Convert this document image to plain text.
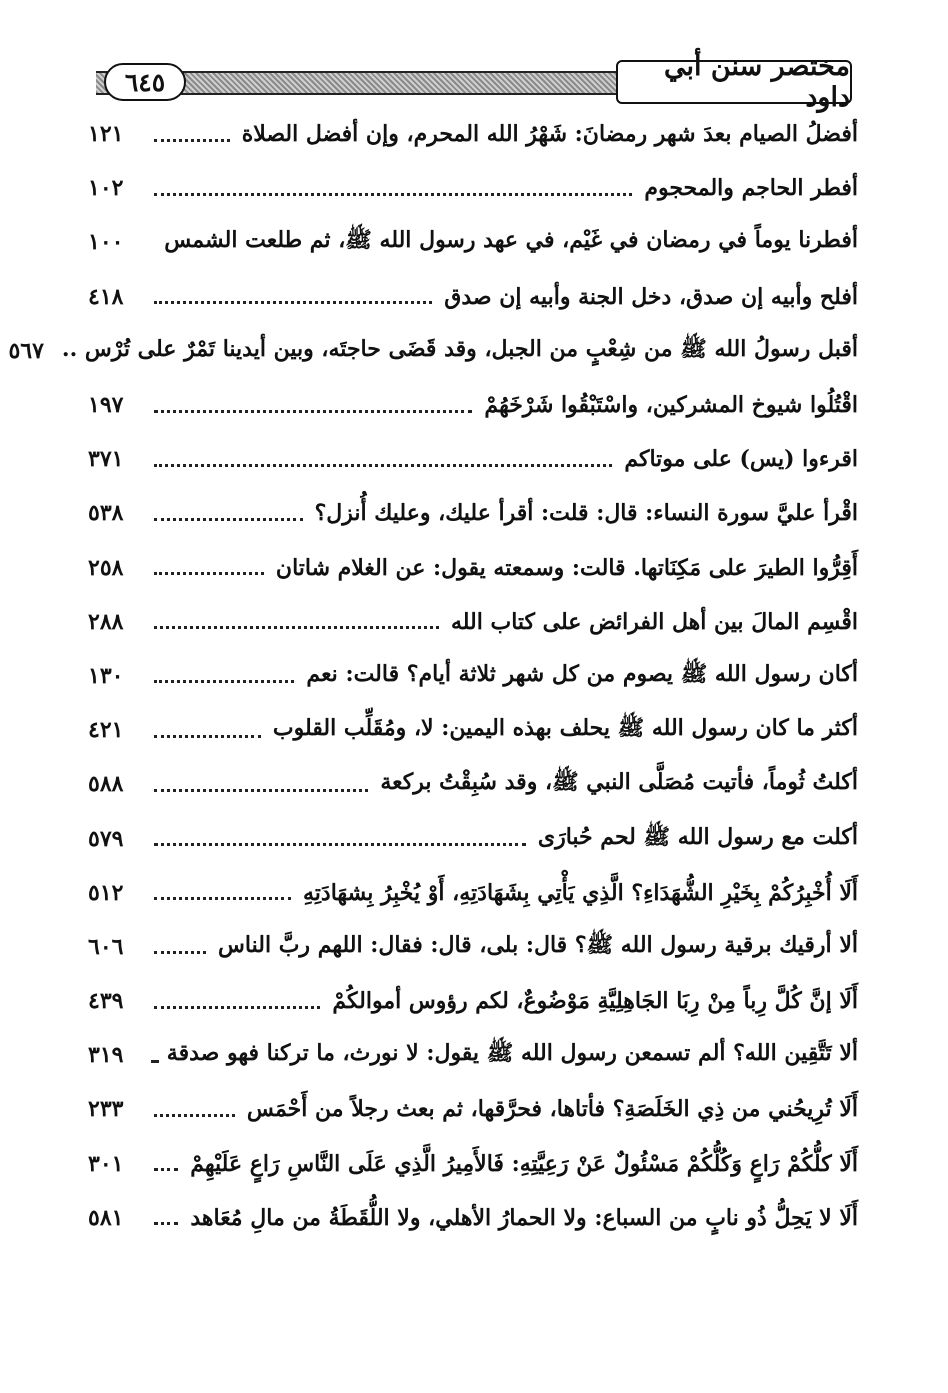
٦٤٥	مختصر سنن أبي داود
أفضلُ الصيام بعدَ شهر رمضانَ: شَهْرُ الله المحرم، وإن أفضل الصلاة
١٢١
أفطر الحاجم والمحجوم
١٠٢
أفطرنا يوماً في رمضان في غَيْم، في عهد رسول الله ﷺ، ثم طلعت الشمس
١٠٠
أفلح وأبيه إن صدق، دخل الجنة وأبيه إن صدق
٤١٨
أقبل رسولُ الله ﷺ من شِعْبٍ من الجبل، وقد قَضَى حاجتَه، وبين أيدينا تَمْرٌ على تُرْس ..
٥٦٧
اقْتُلُوا شيوخ المشركين، واسْتَبْقُوا شَرْخَهُمْ
١٩٧
اقرءوا (يس) على موتاكم
٣٧١
اقْرأ عليَّ سورة النساء: قال: قلت: أقرأ عليك، وعليك أُنزل؟
٥٣٨
أَقِرُّوا الطيرَ على مَكِنَاتها. قالت: وسمعته يقول: عن الغلام شاتان
٢٥٨
اقْسِم المالَ بين أهل الفرائض على كتاب الله
٢٨٨
أكان رسول الله ﷺ يصوم من كل شهر ثلاثة أيام؟ قالت: نعم
١٣٠
أكثر ما كان رسول الله ﷺ يحلف بهذه اليمين: لا، ومُقَلِّب القلوب
٤٢١
أكلتُ ثُوماً، فأتيت مُصَلَّى النبي ﷺ، وقد سُبِقْتُ بركعة
٥٨٨
أكلت مع رسول الله ﷺ لحم حُبارَى
٥٧٩
أَلَا أُخْبِرُكُمْ بِخَيْرِ الشُّهَدَاءِ؟ الَّذِي يَأْتِي بِشَهَادَتِهِ، أَوْ يُخْبِرُ بِشهَادَتِهِ
٥١٢
ألا أرقيك برقية رسول الله ﷺ؟ قال: بلى، قال: فقال: اللهم ربَّ الناس
٦٠٦
أَلَا إنَّ كُلَّ رِباً مِنْ رِبَا الجَاهِلِيَّةِ مَوْضُوعٌ، لكم رؤوس أموالكُمْ
٤٣٩
ألا تَتَّقِين الله؟ ألم تسمعن رسول الله ﷺ يقول: لا نورث، ما تركنا فهو صدقة
٣١٩
أَلَا تُرِيحُني من ذِي الخَلَصَةِ؟ فأتاها، فحرَّقها، ثم بعث رجلاً من أَحْمَس
٢٣٣
أَلَا كلُّكُمْ رَاعٍ وَكُلُّكُمْ مَسْئُولٌ عَنْ رَعِيَّتِهِ: فَالأَمِيرُ الَّذِي عَلَى النَّاسِ رَاعٍ عَلَيْهِمْ
٣٠١
أَلَا لا يَحِلُّ ذُو نابٍ من السباع: ولا الحمارُ الأهلي، ولا اللُّقَطَةُ من مالِ مُعَاهد
٥٨١
